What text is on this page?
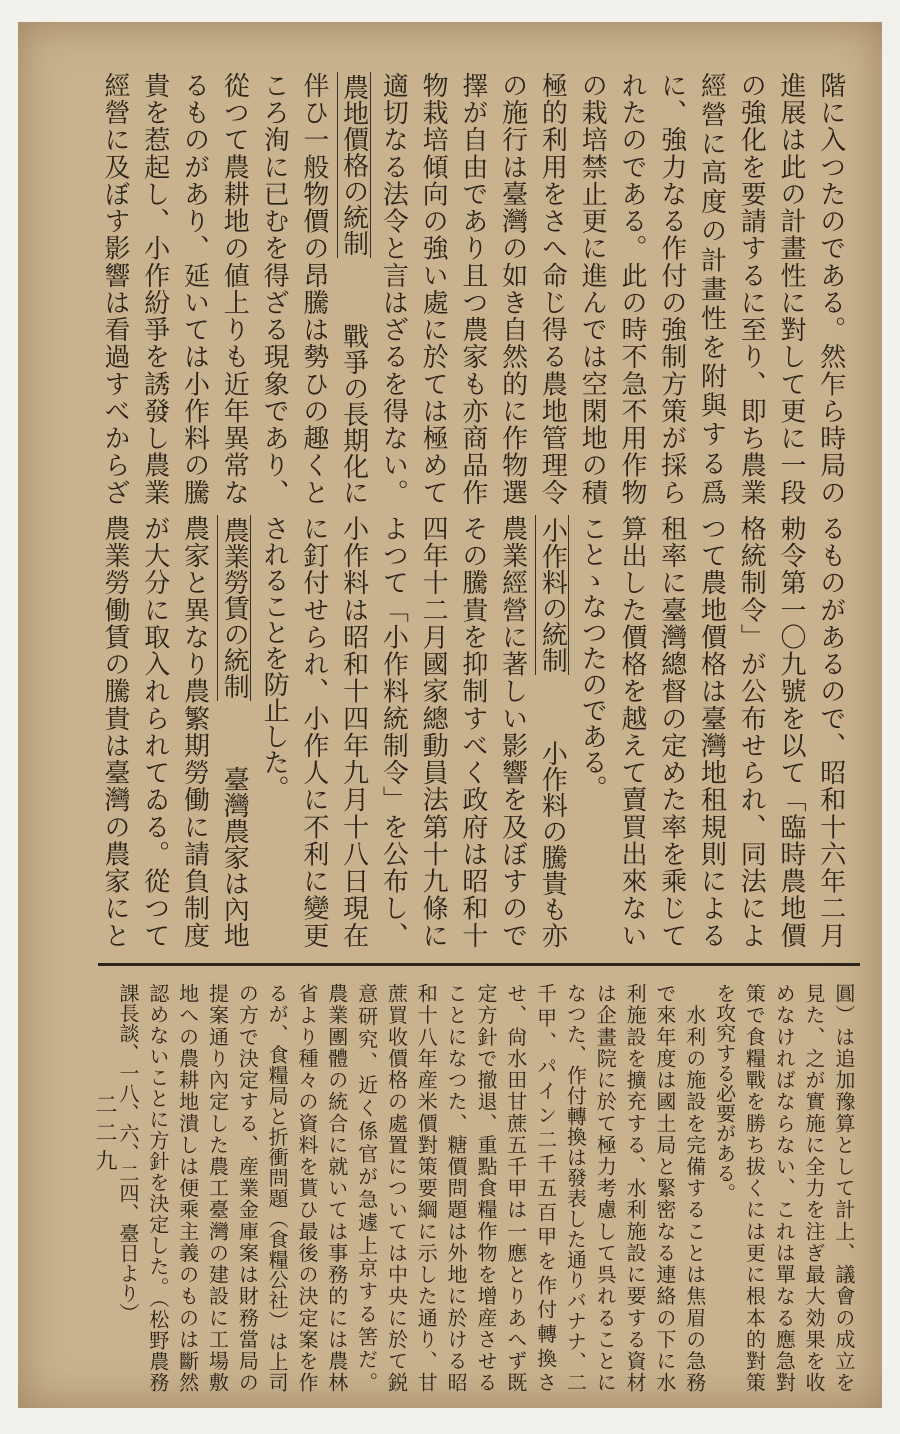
階に入つたのである。然乍ら時局の
進展は此の計畫性に對して更に一段
の強化を要請するに至り、即ち農業
經營に高度の計畫性を附與する爲
に、強力なる作付の強制方策が採ら
れたのである。此の時不急不用作物
の栽培禁止更に進んでは空閑地の積
極的利用をさへ命じ得る農地管理令
の施行は臺灣の如き自然的に作物選
擇が自由であり且つ農家も亦商品作
物栽培傾向の強い處に於ては極めて
適切なる法令と言はざるを得ない。
農地價格の統制
戰爭の長期化に
伴ひ一般物價の昂騰は勢ひの趣くと
ころ洵に已むを得ざる現象であり、
從つて農耕地の値上りも近年異常な
るものがあり、延いては小作料の騰
貴を惹起し、小作紛爭を誘發し農業
經營に及ぼす影響は看過すべからざ
るものがあるので、昭和十六年二月
勅令第一〇九號を以て「臨時農地價
格統制令」が公布せられ、同法によ
つて農地價格は臺灣地租規則による
租率に臺灣總督の定めた率を乘じて
算出した價格を越えて賣買出來ない
ことゝなつたのである。
小作料の統制
小作料の騰貴も亦
農業經營に著しい影響を及ぼすので
その騰貴を抑制すべく政府は昭和十
四年十二月國家總動員法第十九條に
よつて「小作料統制令」を公布し、
小作料は昭和十四年九月十八日現在
に釘付せられ、小作人に不利に變更
されることを防止した。
農業勞賃の統制
臺灣農家は內地
農家と異なり農繁期勞働に請負制度
が大分に取入れられてゐる。從つて
農業勞働賃の騰貴は臺灣の農家にと
圓）は追加豫算として計上、議會の成立を
見た、之が實施に全力を注ぎ最大効果を收
めなければならない、これは單なる應急對
策で食糧戰を勝ち拔くには更に根本的對策
を攻究する必要がある。
　水利の施設を完備することは焦眉の急務
で來年度は國土局と緊密なる連絡の下に水
利施設を擴充する、水利施設に要する資材
は企畫院に於て極力考慮して呉れることに
なつた、作付轉換は發表した通りバナナ、二
千甲、パイン二千五百甲を作付轉換さ
せ、尙水田甘蔗五千甲は一應とりあへず既
定方針で撤退、重點食糧作物を增産させる
ことになつた、糖價問題は外地に於ける昭
和十八年産米價對策要綱に示した通り、甘
蔗買收價格の處置については中央に於て鋭
意研究、近く係官が急遽上京する筈だ。
農業團體の統合に就いては事務的には農林
省より種々の資料を貰ひ最後の決定案を作
るが、食糧局と折衝問題（食糧公社）は上司
の方で決定する、産業金庫案は財務當局の
提案通り內定した農工臺灣の建設に工場敷
地への農耕地潰しは便乘主義のものは斷然
認めないことに方針を決定した。（松野農務
課長談、一八、六、二四、臺日より）
二二九
